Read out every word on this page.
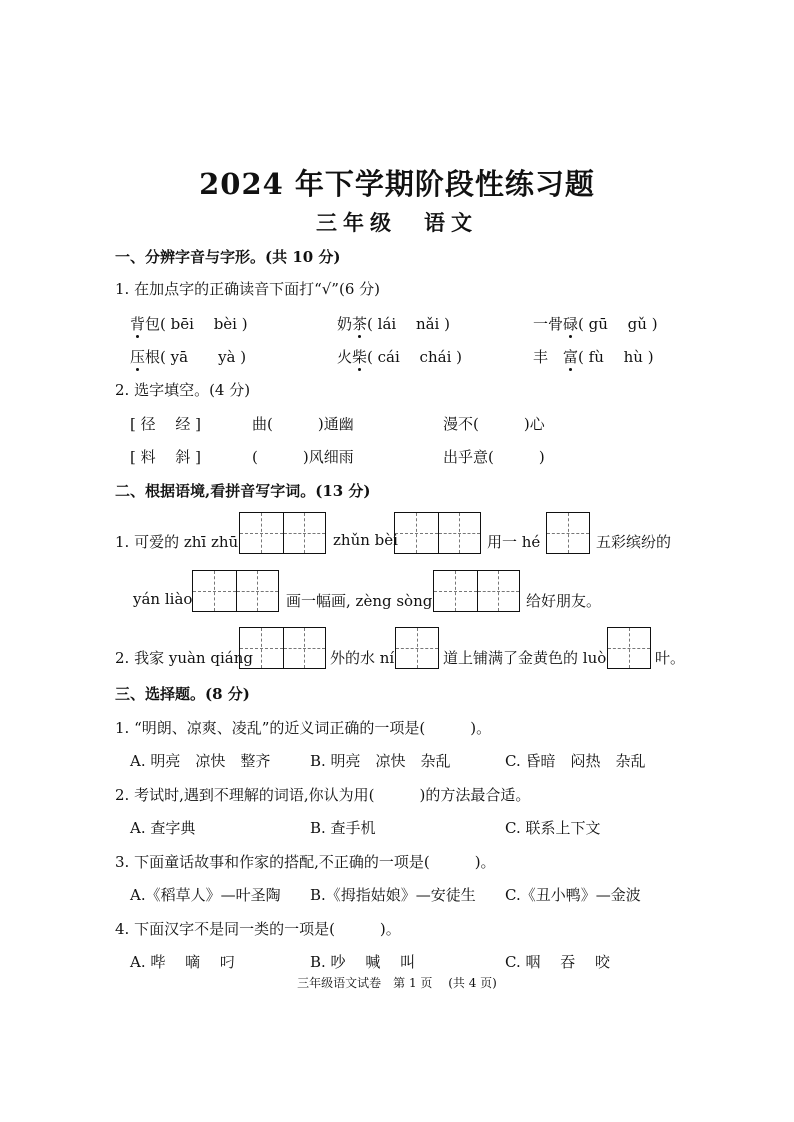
2024 年下学期阶段性练习题
三年级　语文
一、分辨字音与字形。(共 10 分)
1. 在加点字的正确读音下面打“√”(6 分)
背包( bēi　 bèi )	奶茶( lái　 nǎi )	一骨碌( gū　 gǔ )
压根( yā　　yà )	火柴( cái　 chái )	丰　富( fù　 hù )
2. 选字填空。(4 分)
[ 径　 经 ]	曲(　　　)通幽	漫不(　　　)心
[ 料　 斜 ]	(　　　)风细雨	出乎意(　　　)
二、根据语境,看拼音写字词。(13 分)
1. 可爱的 zhī zhū	zhǔn bèi	用一 hé	五彩缤纷的
yán liào	画一幅画, zèng sòng	给好朋友。
2. 我家 yuàn qiáng	外的水 ní	道上铺满了金黄色的 luò	叶。
三、选择题。(8 分)
1. “明朗、凉爽、凌乱”的近义词正确的一项是(　　　)。
A. 明亮　凉快　整齐	B. 明亮　凉快　杂乱	C. 昏暗　闷热　杂乱
2. 考试时,遇到不理解的词语,你认为用(　　　)的方法最合适。
A. 查字典	B. 查手机	C. 联系上下文
3. 下面童话故事和作家的搭配,不正确的一项是(　　　)。
A.《稻草人》—叶圣陶 B.《拇指姑娘》—安徒生 C.《丑小鸭》—金波
4. 下面汉字不是同一类的一项是(　　　)。
A. 哔　 嘀　 叼	B. 吵　 喊　 叫	C. 咽　 吞　 咬
三年级语文试卷　第 1 页　 (共 4 页)
